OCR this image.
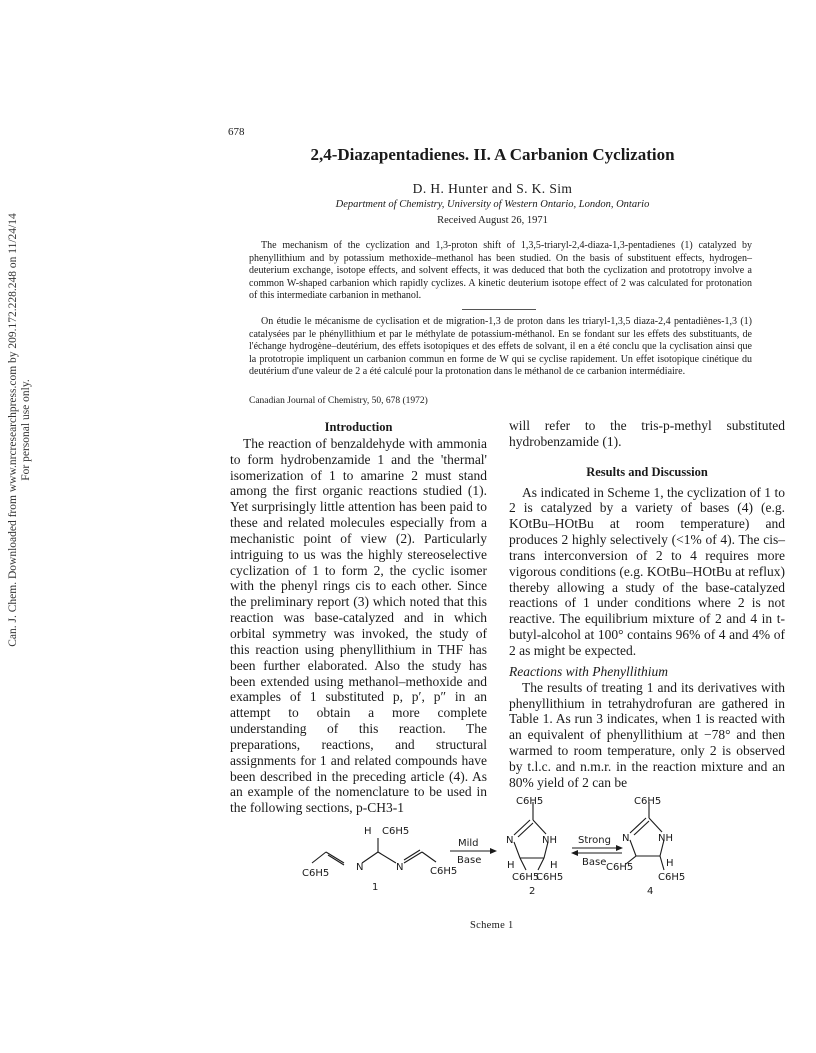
Can. J. Chem. Downloaded from www.nrcresearchpress.com by 209.172.228.248 on 11/24/14 For personal use only.
678
2,4-Diazapentadienes. II. A Carbanion Cyclization
D. H. Hunter and S. K. Sim
Department of Chemistry, University of Western Ontario, London, Ontario
Received August 26, 1971

The mechanism of the cyclization and 1,3-proton shift of 1,3,5-triaryl-2,4-diaza-1,3-pentadienes (1) catalyzed by phenyllithium and by potassium methoxide–methanol has been studied. On the basis of substituent effects, hydrogen–deuterium exchange, isotope effects, and solvent effects, it was deduced that both the cyclization and prototropy involve a common W-shaped carbanion which rapidly cyclizes. A kinetic deuterium isotope effect of 2 was calculated for protonation of this intermediate carbanion in methanol.

On étudie le mécanisme de cyclisation et de migration-1,3 de proton dans les triaryl-1,3,5 diaza-2,4 pentadiènes-1,3 (1) catalysées par le phényllithium et par le méthylate de potassium-méthanol. En se fondant sur les effets des substituants, de l'échange hydrogène–deutérium, des effets isotopiques et des effets de solvant, il en a été conclu que la cyclisation ainsi que la prototropie impliquent un carbanion commun en forme de W qui se cyclise rapidement. Un effet isotopique cinétique du deutérium d'une valeur de 2 a été calculé pour la protonation dans le méthanol de ce carbanion intermédiaire.

Canadian Journal of Chemistry, 50, 678 (1972)

Introduction

The reaction of benzaldehyde with ammonia to form hydrobenzamide 1 and the 'thermal' isomerization of 1 to amarine 2 must stand among the first organic reactions studied (1). Yet surprisingly little attention has been paid to these and related molecules especially from a mechanistic point of view (2). Particularly intriguing to us was the highly stereoselective cyclization of 1 to form 2, the cyclic isomer with the phenyl rings cis to each other. Since the preliminary report (3) which noted that this reaction was base-catalyzed and in which orbital symmetry was invoked, the study of this reaction using phenyllithium in THF has been further elaborated. Also the study has been extended using methanol–methoxide and examples of 1 substituted p, p′, p″ in an attempt to obtain a more complete understanding of this reaction. The preparations, reactions, and structural assignments for 1 and related compounds have been described in the preceding article (4). As an example of the nomenclature to be used in the following sections, p-CH3-1

will refer to the tris-p-methyl substituted hydrobenzamide (1).

Results and Discussion

As indicated in Scheme 1, the cyclization of 1 to 2 is catalyzed by a variety of bases (4) (e.g. KOtBu–HOtBu at room temperature) and produces 2 highly selectively (<1% of 4). The cis–trans interconversion of 2 to 4 requires more vigorous conditions (e.g. KOtBu–HOtBu at reflux) thereby allowing a study of the base-catalyzed reactions of 1 under conditions where 2 is not reactive. The equilibrium mixture of 2 and 4 in t-butyl-alcohol at 100° contains 96% of 4 and 4% of 2 as might be expected.

Reactions with Phenyllithium

The results of treating 1 and its derivatives with phenyllithium in tetrahydrofuran are gathered in Table 1. As run 3 indicates, when 1 is reacted with an equivalent of phenyllithium at −78° and then warmed to room temperature, only 2 is observed by t.l.c. and n.m.r. in the reaction mixture and an 80% yield of 2 can be

N	N
H C6H5
C6H5	C6H5
1
Mild
Base
C6H5
N	NH
H	H
C6H5
C6H5
2
Strong
Base
C6H5
N	NH
C6H5	H
C6H5
4
Scheme 1
